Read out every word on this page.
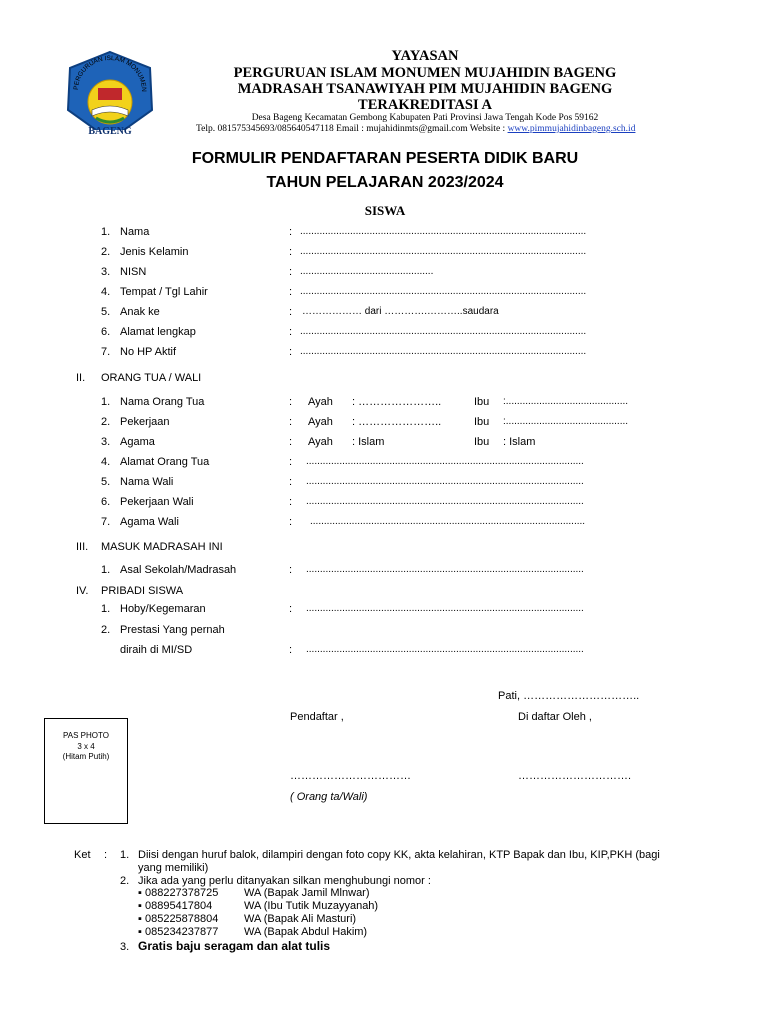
PERGURUAN ISLAM MONUMEN
BAGENG
YAYASAN
PERGURUAN ISLAM MONUMEN MUJAHIDIN BAGENG
MADRASAH TSANAWIYAH PIM MUJAHIDIN BAGENG
TERAKREDITASI A
Desa Bageng Kecamatan Gembong Kabupaten Pati Provinsi Jawa Tengah Kode Pos 59162
Telp. 081575345693/085640547118 Email : mujahidinmts@gmail.com Website : www.pimmujahidinbageng.sch.id
FORMULIR PENDAFTARAN PESERTA DIDIK BARU
TAHUN PELAJARAN 2023/2024
SISWA
1. Nama	: .......................................................................................................
2. Jenis Kelamin	: .......................................................................................................
3. NISN	: ................................................
4. Tempat / Tgl Lahir	: .......................................................................................................
5. Anak ke	: ……………… dari ………….………..saudara
6. Alamat lengkap	: .......................................................................................................
7. No HP Aktif	: .......................................................................................................
II. ORANG TUA / WALI
1. Nama Orang Tua	: Ayah : …………………..	Ibu :............................................
2. Pekerjaan	: Ayah : …………………..	Ibu :............................................
3. Agama	: Ayah : Islam	Ibu : Islam
4. Alamat Orang Tua	: ....................................................................................................
5. Nama Wali	: ....................................................................................................
6. Pekerjaan Wali	: ....................................................................................................
7. Agama Wali	: ...................................................................................................
III. MASUK MADRASAH INI
1. Asal Sekolah/Madrasah	: ....................................................................................................
IV. PRIBADI SISWA
1. Hoby/Kegemaran	: ....................................................................................................
2. Prestasi Yang pernah
diraih di MI/SD	: ....................................................................................................
Pati, …………………………..
Pendaftar ,	Di daftar Oleh ,
……………………………	………………………….
( Orang ta/Wali)
PAS PHOTO
3 x 4
(Hitam Putih)
Ket : 1. Diisi dengan huruf balok, dilampiri dengan foto copy KK, akta kelahiran, KTP Bapak dan Ibu, KIP,PKH (bagi
yang memiliki)
2. Jika ada yang perlu ditanyakan silkan menghubungi nomor :
▪ 088227378725 WA (Bapak Jamil Mlnwar)
▪ 08895417804	WA (Ibu Tutik Muzayyanah)
▪ 085225878804 WA (Bapak Ali Masturi)
▪ 085234237877 WA (Bapak Abdul Hakim)
3. Gratis baju seragam dan alat tulis
